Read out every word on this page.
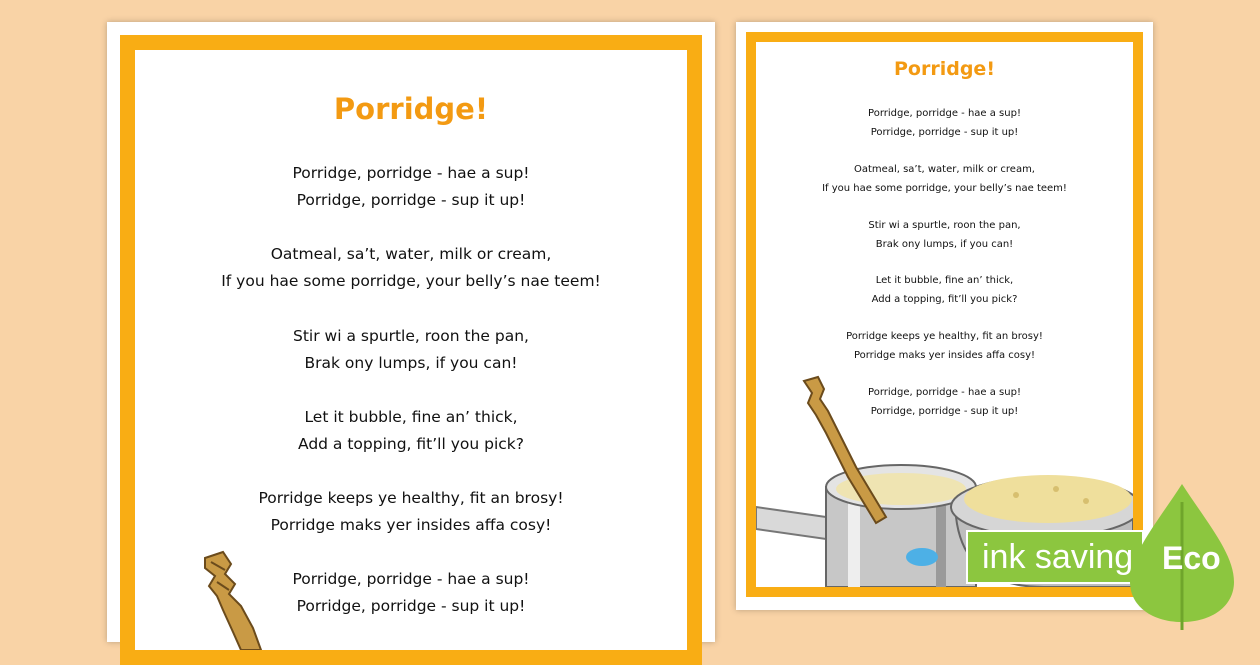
Porridge!
Porridge, porridge - hae a sup!
Porridge, porridge - sup it up!
Oatmeal, sa’t, water, milk or cream,
If you hae some porridge, your belly’s nae teem!
Stir wi a spurtle, roon the pan,
Brak ony lumps, if you can!
Let it bubble, fine an’ thick,
Add a topping, fit’ll you pick?
Porridge keeps ye healthy, fit an brosy!
Porridge maks yer insides affa cosy!
Porridge, porridge - hae a sup!
Porridge, porridge - sup it up!
Porridge!
Porridge, porridge - hae a sup!
Porridge, porridge - sup it up!
Oatmeal, sa’t, water, milk or cream,
If you hae some porridge, your belly’s nae teem!
Stir wi a spurtle, roon the pan,
Brak ony lumps, if you can!
Let it bubble, fine an’ thick,
Add a topping, fit’ll you pick?
Porridge keeps ye healthy, fit an brosy!
Porridge maks yer insides affa cosy!
Porridge, porridge - hae a sup!
Porridge, porridge - sup it up!
ink saving Eco
